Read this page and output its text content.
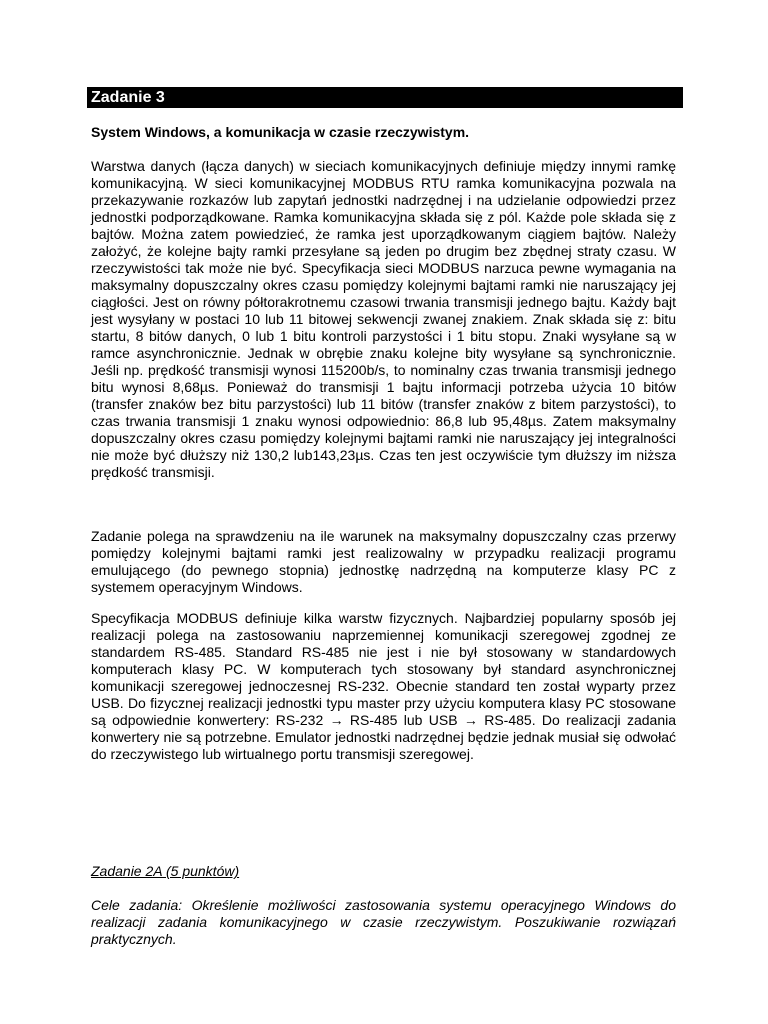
Zadanie 3
System Windows, a komunikacja w czasie rzeczywistym.

Warstwa danych (łącza danych) w sieciach komunikacyjnych definiuje między innymi ramkę komunikacyjną. W sieci komunikacyjnej MODBUS RTU ramka komunikacyjna pozwala na przekazywanie rozkazów lub zapytań jednostki nadrzędnej i na udzielanie odpowiedzi przez jednostki podporządkowane. Ramka komunikacyjna składa się z pól. Każde pole składa się z bajtów. Można zatem powiedzieć, że ramka jest uporządkowanym ciągiem bajtów. Należy założyć, że kolejne bajty ramki przesyłane są jeden po drugim bez zbędnej straty czasu. W rzeczywistości tak może nie być. Specyfikacja sieci MODBUS narzuca pewne wymagania na maksymalny dopuszczalny okres czasu pomiędzy kolejnymi bajtami ramki nie naruszający jej ciągłości. Jest on równy półtorakrotnemu czasowi trwania transmisji jednego bajtu. Każdy bajt jest wysyłany w postaci 10 lub 11 bitowej sekwencji zwanej znakiem. Znak składa się z: bitu startu, 8 bitów danych, 0 lub 1 bitu kontroli parzystości i 1 bitu stopu. Znaki wysyłane są w ramce asynchronicznie. Jednak w obrębie znaku kolejne bity wysyłane są synchronicznie. Jeśli np. prędkość transmisji wynosi 115200b/s, to nominalny czas trwania transmisji jednego bitu wynosi 8,68µs. Ponieważ do transmisji 1 bajtu informacji potrzeba użycia 10 bitów (transfer znaków bez bitu parzystości) lub 11 bitów (transfer znaków z bitem parzystości), to czas trwania transmisji 1 znaku wynosi odpowiednio: 86,8 lub 95,48µs. Zatem maksymalny dopuszczalny okres czasu pomiędzy kolejnymi bajtami ramki nie naruszający jej integralności nie może być dłuższy niż 130,2 lub143,23µs. Czas ten jest oczywiście tym dłuższy im niższa prędkość transmisji.

Zadanie polega na sprawdzeniu na ile warunek na maksymalny dopuszczalny czas przerwy pomiędzy kolejnymi bajtami ramki jest realizowalny w przypadku realizacji programu emulującego (do pewnego stopnia) jednostkę nadrzędną na komputerze klasy PC z systemem operacyjnym Windows.

Specyfikacja MODBUS definiuje kilka warstw fizycznych. Najbardziej popularny sposób jej realizacji polega na zastosowaniu naprzemiennej komunikacji szeregowej zgodnej ze standardem RS-485. Standard RS-485 nie jest i nie był stosowany w standardowych komputerach klasy PC. W komputerach tych stosowany był standard asynchronicznej komunikacji szeregowej jednoczesnej RS-232. Obecnie standard ten został wyparty przez USB. Do fizycznej realizacji jednostki typu master przy użyciu komputera klasy PC stosowane są odpowiednie konwertery: RS-232 → RS-485 lub USB → RS-485. Do realizacji zadania konwertery nie są potrzebne. Emulator jednostki nadrzędnej będzie jednak musiał się odwołać do rzeczywistego lub wirtualnego portu transmisji szeregowej.

Zadanie 2A (5 punktów)

Cele zadania: Określenie możliwości zastosowania systemu operacyjnego Windows do realizacji zadania komunikacyjnego w czasie rzeczywistym. Poszukiwanie rozwiązań praktycznych.
